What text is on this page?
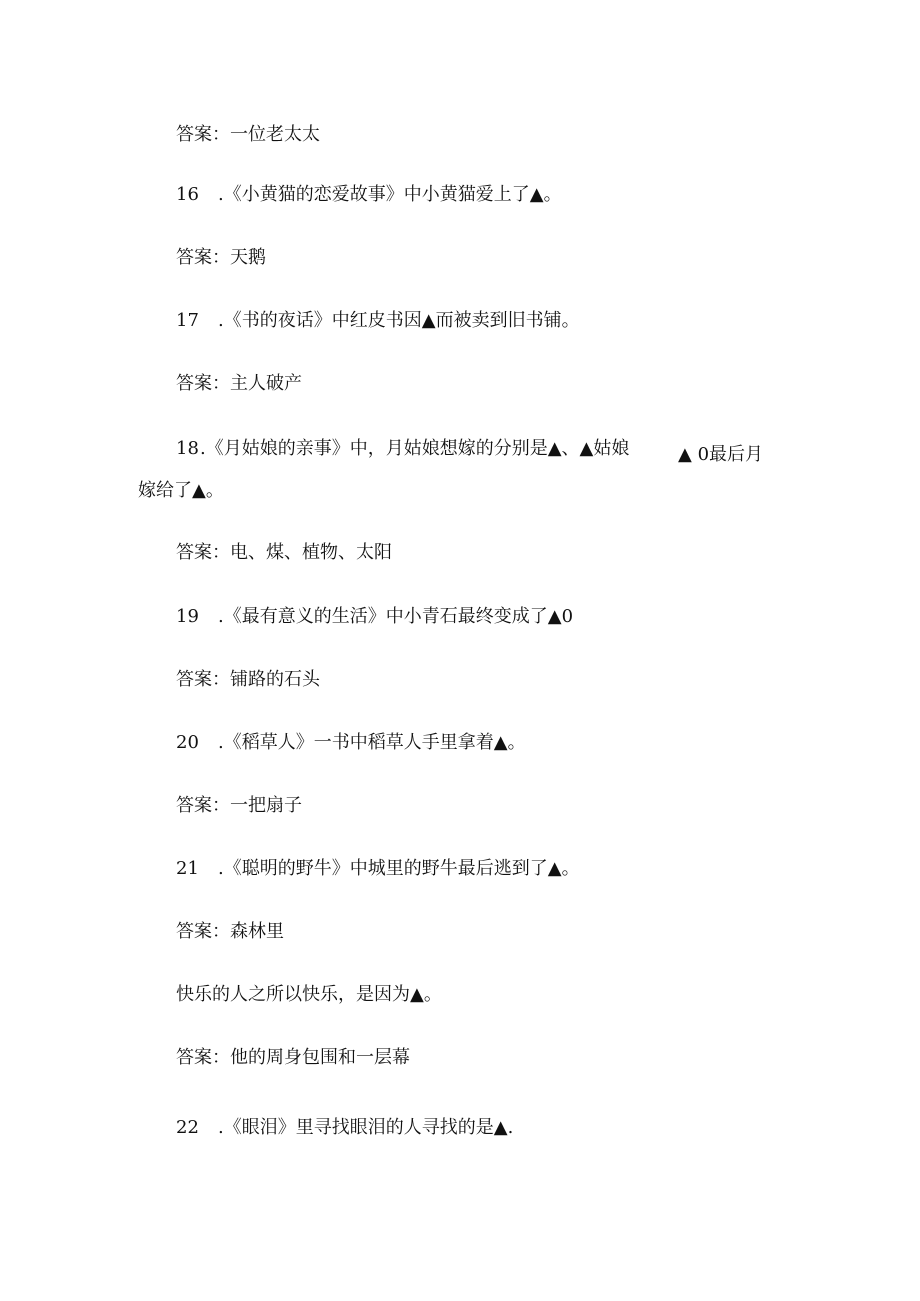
答案：一位老太太
16 .《小黄猫的恋爱故事》中小黄猫爱上了▲。
答案：天鹅
17 .《书的夜话》中红皮书因▲而被卖到旧书铺。
答案：主人破产
18.《月姑娘的亲事》中，月姑娘想嫁的分别是▲、▲姑娘	▲ 0最后月
嫁给了▲。
答案：电、煤、植物、太阳
19 .《最有意义的生活》中小青石最终变成了▲0
答案：铺路的石头
20 .《稻草人》一书中稻草人手里拿着▲。
答案：一把扇子
21 .《聪明的野牛》中城里的野牛最后逃到了▲。
答案：森林里
快乐的人之所以快乐，是因为▲。
答案：他的周身包围和一层幕
22 .《眼泪》里寻找眼泪的人寻找的是▲.
